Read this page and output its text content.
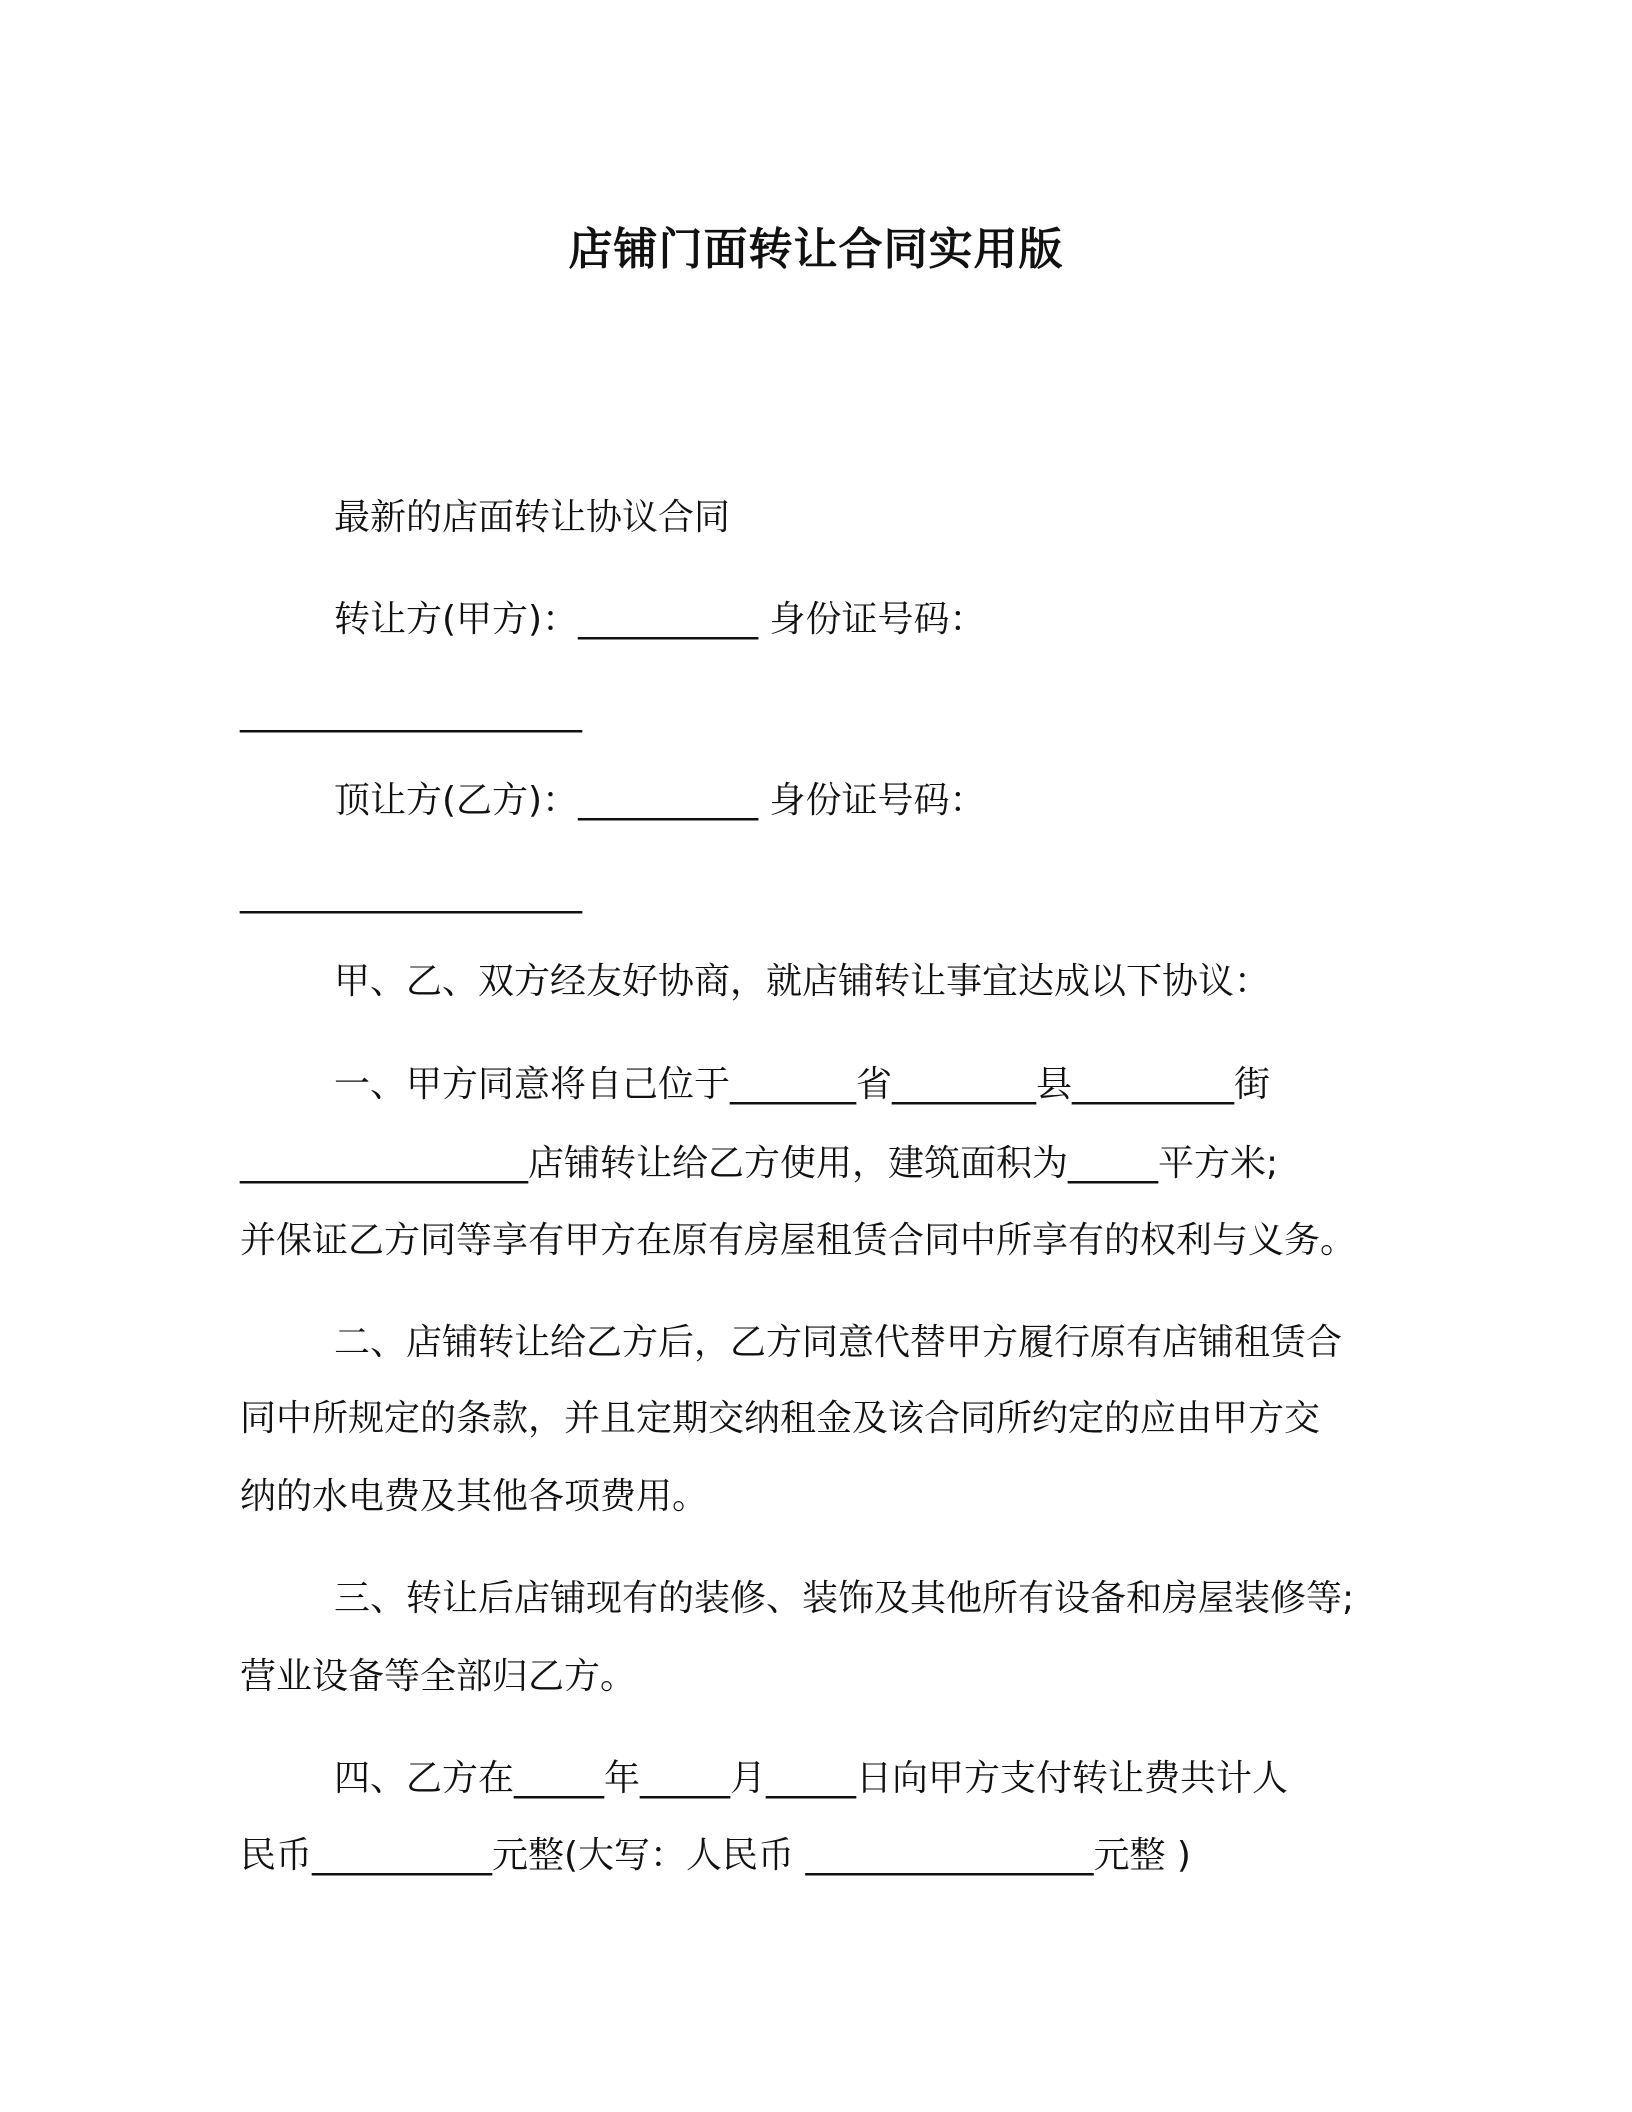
店铺门面转让合同实用版
最新的店面转让协议合同
转让方(甲方)：__________ 身份证号码：
___________________
顶让方(乙方)：__________ 身份证号码：
___________________
甲、乙、双方经友好协商，就店铺转让事宜达成以下协议：
一、甲方同意将自己位于_______省________县_________街
________________店铺转让给乙方使用，建筑面积为_____平方米;
并保证乙方同等享有甲方在原有房屋租赁合同中所享有的权利与义务。
二、店铺转让给乙方后，乙方同意代替甲方履行原有店铺租赁合
同中所规定的条款，并且定期交纳租金及该合同所约定的应由甲方交
纳的水电费及其他各项费用。
三、转让后店铺现有的装修、装饰及其他所有设备和房屋装修等;
营业设备等全部归乙方。
四、乙方在_____年_____月_____日向甲方支付转让费共计人
民币__________元整(大写：人民币 ________________元整 )
